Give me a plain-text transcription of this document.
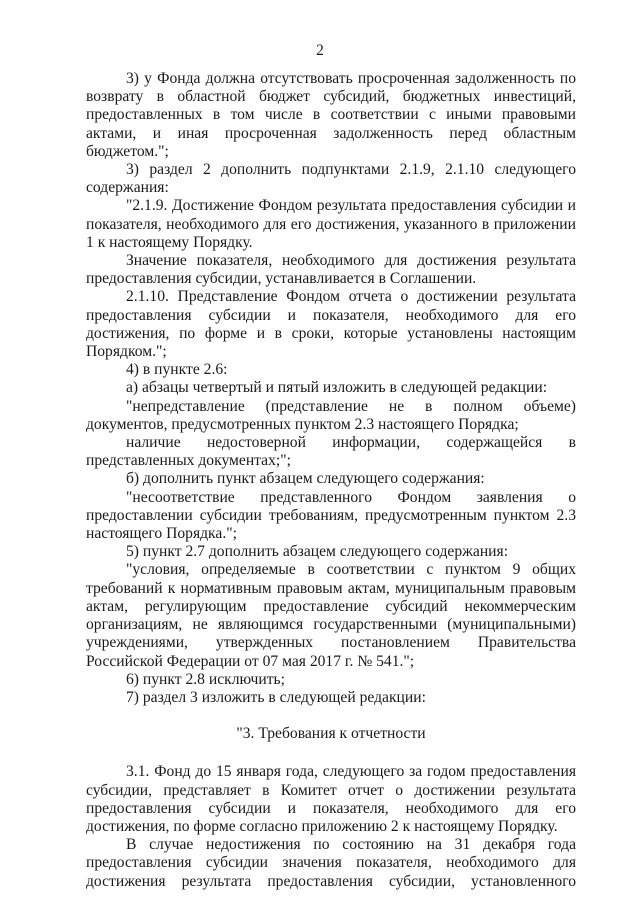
2

3) у Фонда должна отсутствовать просроченная задолженность по возврату в областной бюджет субсидий, бюджетных инвестиций, предоставленных в том числе в соответствии с иными правовыми актами, и иная просроченная задолженность перед областным бюджетом.";

3) раздел 2 дополнить подпунктами 2.1.9, 2.1.10 следующего содержания:

"2.1.9. Достижение Фондом результата предоставления субсидии и показателя, необходимого для его достижения, указанного в приложении 1 к настоящему Порядку.

Значение показателя, необходимого для достижения результата предоставления субсидии, устанавливается в Соглашении.

2.1.10. Представление Фондом отчета о достижении результата предоставления субсидии и показателя, необходимого для его достижения, по форме и в сроки, которые установлены настоящим Порядком.";

4) в пункте 2.6:

а) абзацы четвертый и пятый изложить в следующей редакции:

"непредставление (представление не в полном объеме) документов, предусмотренных пунктом 2.3 настоящего Порядка;

наличие недостоверной информации, содержащейся в представленных документах;";

б) дополнить пункт абзацем следующего содержания:

"несоответствие представленного Фондом заявления о предоставлении субсидии требованиям, предусмотренным пунктом 2.3 настоящего Порядка.";

5) пункт 2.7 дополнить абзацем следующего содержания:

"условия, определяемые в соответствии с пунктом 9 общих требований к нормативным правовым актам, муниципальным правовым актам, регулирующим предоставление субсидий некоммерческим организациям, не являющимся государственными (муниципальными) учреждениями, утвержденных постановлением Правительства Российской Федерации от 07 мая 2017 г. № 541.";

6) пункт 2.8 исключить;

7) раздел 3 изложить в следующей редакции:

"3. Требования к отчетности

3.1. Фонд до 15 января года, следующего за годом предоставления субсидии, представляет в Комитет отчет о достижении результата предоставления субсидии и показателя, необходимого для его достижения, по форме согласно приложению 2 к настоящему Порядку.

В случае недостижения по состоянию на 31 декабря года предоставления субсидии значения показателя, необходимого для достижения результата предоставления субсидии, установленного
